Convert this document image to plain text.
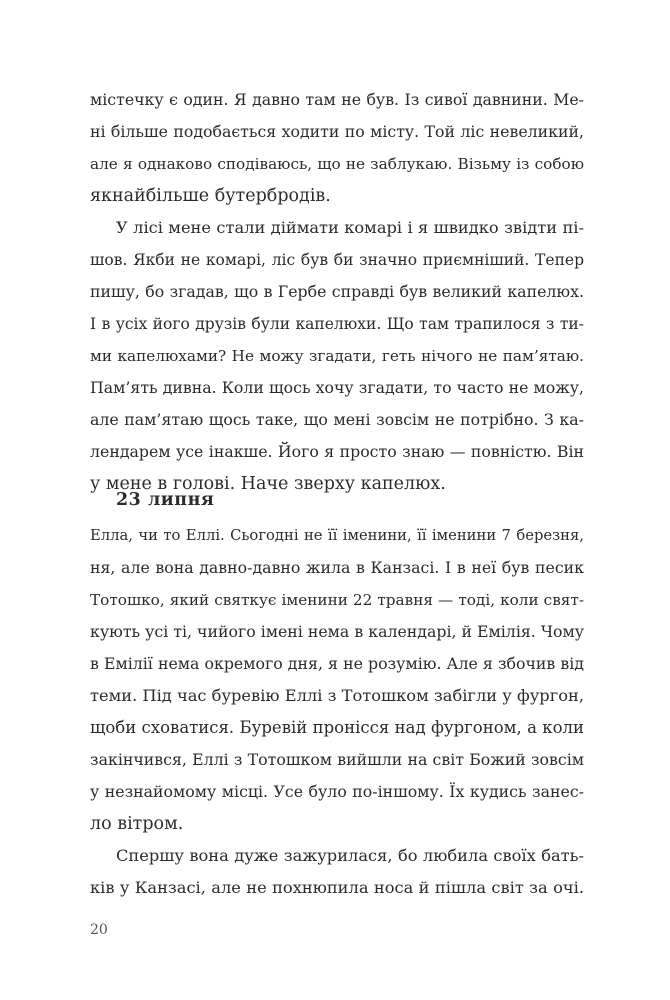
містечку є один. Я давно там не був. Із сивої давнини. Ме-
ні більше подобається ходити по місту. Той ліс невеликий,
але я однаково сподіваюсь, що не заблукаю. Візьму із собою
якнайбільше бутербродів.
У лісі мене стали діймати комарі і я швидко звідти пі-
шов. Якби не комарі, ліс був би значно приємніший. Тепер
пишу, бо згадав, що в Гербе справді був великий капелюх.
І в усіх його друзів були капелюхи. Що там трапилося з ти-
ми капелюхами? Не можу згадати, геть нічого не пам’ятаю.
Пам’ять дивна. Коли щось хочу згадати, то часто не можу,
але пам’ятаю щось таке, що мені зовсім не потрібно. З ка-
лендарем усе інакше. Його я просто знаю — повністю. Він
у мене в голові. Наче зверху капелюх.
23 липня
Елла, чи то Еллі. Сьогодні не її іменини, її іменини 7 березня,
ня, але вона давно-давно жила в Канзасі. І в неї був песик
Тотошко, який святкує іменини 22 травня — тоді, коли свят-
кують усі ті, чийого імені нема в календарі, й Емілія. Чому
в Емілії нема окремого дня, я не розумію. Але я збочив від
теми. Під час буревію Еллі з Тотошком забігли у фургон,
щоби сховатися. Буревій пронісся над фургоном, а коли
закінчився, Еллі з Тотошком вийшли на світ Божий зовсім
у незнайомому місці. Усе було по-іншому. Їх кудись занес-
ло вітром.
Спершу вона дуже зажурилася, бо любила своїх бать-
ків у Канзасі, але не похнюпила носа й пішла світ за очі.
20
